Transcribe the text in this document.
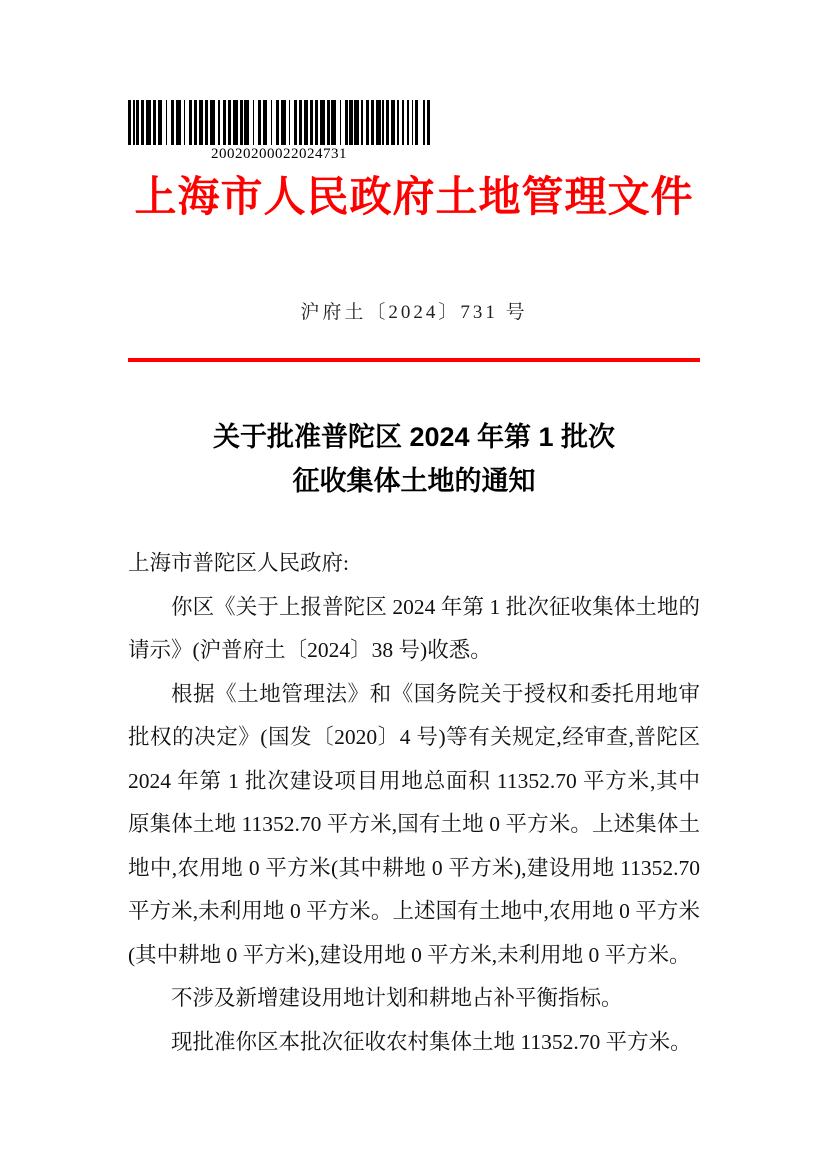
20020200022024731
上海市人民政府土地管理文件
沪府土〔2024〕731 号
关于批准普陀区 2024 年第 1 批次
征收集体土地的通知

上海市普陀区人民政府:

你区《关于上报普陀区 2024 年第 1 批次征收集体土地的请示》(沪普府土〔2024〕38 号)收悉。

根据《土地管理法》和《国务院关于授权和委托用地审批权的决定》(国发〔2020〕4 号)等有关规定,经审查,普陀区 2024 年第 1 批次建设项目用地总面积 11352.70 平方米,其中原集体土地 11352.70 平方米,国有土地 0 平方米。上述集体土地中,农用地 0 平方米(其中耕地 0 平方米),建设用地 11352.70 平方米,未利用地 0 平方米。上述国有土地中,农用地 0 平方米(其中耕地 0 平方米),建设用地 0 平方米,未利用地 0 平方米。

不涉及新增建设用地计划和耕地占补平衡指标。

现批准你区本批次征收农村集体土地 11352.70 平方米。
